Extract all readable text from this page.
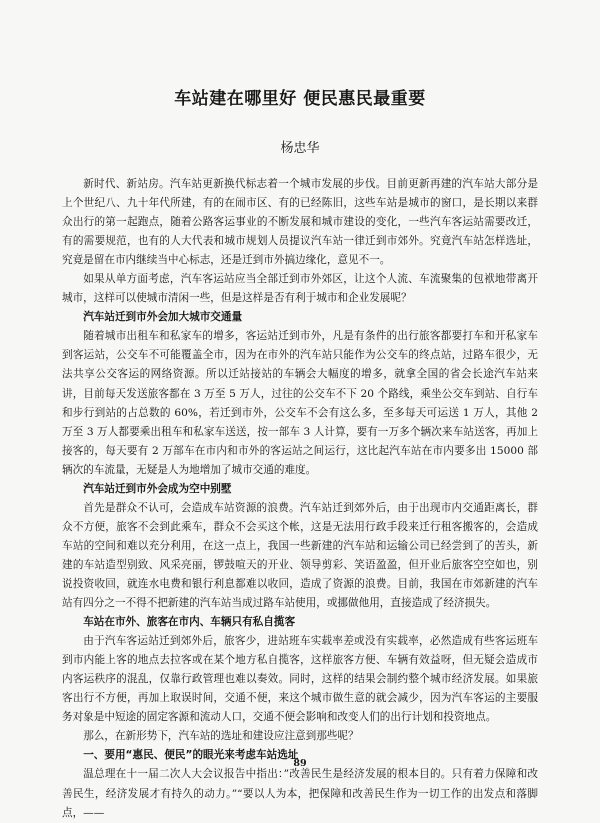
车站建在哪里好 便民惠民最重要
杨忠华

新时代、新站房。汽车站更新换代标志着一个城市发展的步伐。目前更新再建的汽车站大部分是上个世纪八、九十年代所建，有的在闹市区、有的已经陈旧，这些车站是城市的窗口，是长期以来群众出行的第一起跑点，随着公路客运事业的不断发展和城市建设的变化，一些汽车客运站需要改迁，有的需要规范，也有的人大代表和城市规划人员提议汽车站一律迁到市郊外。究竟汽车站怎样选址，究竟是留在市内继续当中心标志，还是迁到市外搞边缘化，意见不一。

如果从单方面考虑，汽车客运站应当全部迁到市外郊区，让这个人流、车流聚集的包袱地带离开城市，这样可以使城市清闲一些，但是这样是否有利于城市和企业发展呢？

汽车站迁到市外会加大城市交通量

随着城市出租车和私家车的增多，客运站迁到市外，凡是有条件的出行旅客都要打车和开私家车到客运站，公交车不可能覆盖全市，因为在市外的汽车站只能作为公交车的终点站，过路车很少，无法共享公交客运的网络资源。所以迁站接站的车辆会大幅度的增多，就拿全国的省会长途汽车站来讲，目前每天发送旅客都在 3 万至 5 万人，过往的公交车不下 20 个路线，乘坐公交车到站、自行车和步行到站的占总数的 60%，若迁到市外，公交车不会有这么多，至多每天可运送 1 万人，其他 2 万至 3 万人都要乘出租车和私家车送送，按一部车 3 人计算，要有一万多个辆次来车站送客，再加上接客的，每天要有 2 万部车在市内和市外的客运站之间运行，这比起汽车站在市内要多出 15000 部辆次的车流量，无疑是人为地增加了城市交通的难度。

汽车站迁到市外会成为空中别墅

首先是群众不认可，会造成车站资源的浪费。汽车站迁到郊外后，由于出现市内交通距离长，群众不方便，旅客不会到此乘车，群众不会买这个帐，这是无法用行政手段来迁行租客搬客的，会造成车站的空间和难以充分利用，在这一点上，我国一些新建的汽车站和运输公司已经尝到了的苦头，新建的车站造型别致、风采亮丽，锣鼓喧天的开业、领导剪彩、笑语盈盈，但开业后旅客空空如也，别说投资收回，就连水电费和银行利息都难以收回，造成了资源的浪费。目前，我国在市郊新建的汽车站有四分之一不得不把新建的汽车站当成过路车站使用，或挪做他用，直接造成了经济损失。

车站在市外、旅客在市内、车辆只有私自揽客

由于汽车客运站迁到郊外后，旅客少，进站班车实载率差或没有实载率，必然造成有些客运班车到市内能上客的地点去拉客或在某个地方私自揽客，这样旅客方便、车辆有效益呀，但无疑会造成市内客运秩序的混乱，仅靠行政管理也难以奏效。同时，这样的结果会制约整个城市经济发展。如果旅客出行不方便，再加上取误时间，交通不便，来这个城市做生意的就会减少，因为汽车客运的主要服务对象是中短途的固定客源和流动人口，交通不便会影响和改变人们的出行计划和投资地点。

那么，在新形势下，汽车站的选址和建设应注意到那些呢？

一、要用“惠民、便民”的眼光来考虑车站选址

温总理在十一届二次人大会议报告中指出：”改善民生是经济发展的根本目的。只有着力保障和改善民生，经济发展才有持久的动力。”“要以人为本，把保障和改善民生作为一切工作的出发点和落脚点，——

89
